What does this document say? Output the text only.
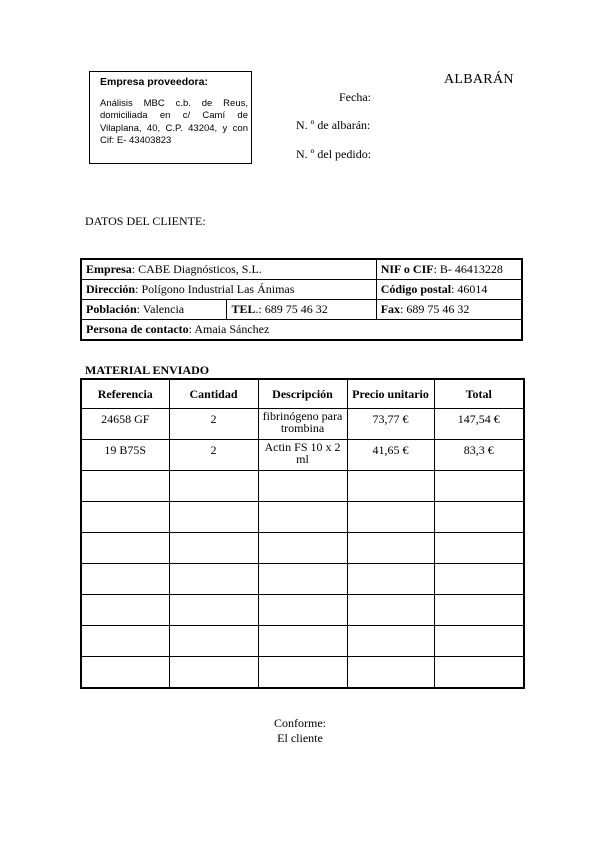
Empresa proveedora:
Análisis MBC c.b. de Reus, domiciliada en c/ Camí de Vilaplana, 40, C.P. 43204, y con Cif: E- 43403823
ALBARÁN
Fecha:
N. º de albarán:
N. º del pedido:
DATOS DEL CLIENTE:
Empresa: CABE Diagnósticos, S.L.		NIF o CIF: B- 46413228
Dirección: Polígono Industrial Las Ánimas		Código postal: 46014
Población: Valencia	TEL.: 689 75 46 32	Fax: 689 75 46 32
Persona de contacto: Amaia Sánchez		
MATERIAL ENVIADO
Referencia	Cantidad	Descripción	Precio unitario	Total
24658 GF	2	fibrinógeno para trombina	73,77 €	147,54 €
19 B75S	2	Actin FS 10 x 2 ml	41,65 €	83,3 €

Conforme:
El cliente
